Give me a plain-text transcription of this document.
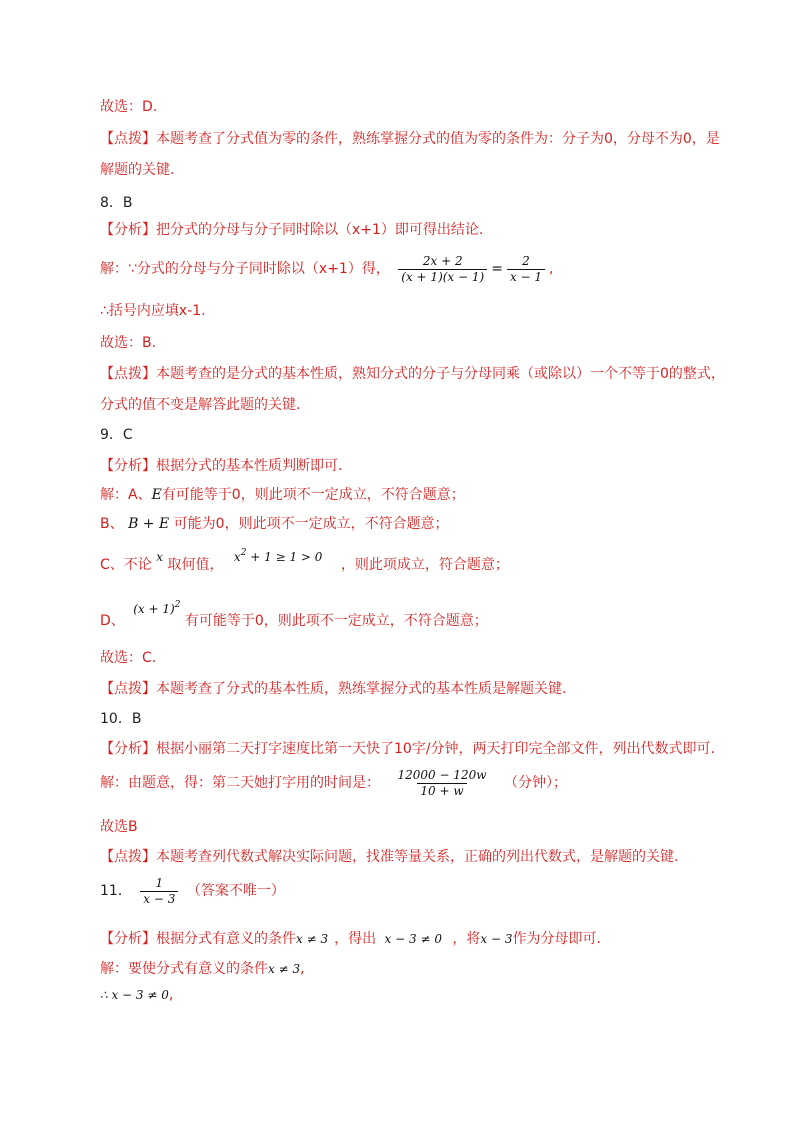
故选：D.
【点拨】本题考查了分式值为零的条件，熟练掌握分式的值为零的条件为：分子为0，分母不为0，是
解题的关键.
8．B
【分析】把分式的分母与分子同时除以（x+1）即可得出结论.
解：∵分式的分母与分子同时除以（x+1）得， $\frac{2x + 2}{(x + 1)(x - 1)} = \frac{2}{x - 1}$ ,
∴括号内应填x-1.
故选：B.
【点拨】本题考查的是分式的基本性质，熟知分式的分子与分母同乘（或除以）一个不等于0的整式，
分式的值不变是解答此题的关键.
9．C
【分析】根据分式的基本性质判断即可.
解：A、E有可能等于0，则此项不一定成立，不符合题意；
B、 B + E 可能为0，则此项不一定成立，不符合题意；
C、不论 x 取何值， $x^2 + 1 \ge 1 > 0$ ，则此项成立，符合题意；
D、 $(x + 1)^2$ 有可能等于0，则此项不一定成立，不符合题意；
故选：C.
【点拨】本题考查了分式的基本性质，熟练掌握分式的基本性质是解题关键.
10．B
【分析】根据小丽第二天打字速度比第一天快了10字/分钟，两天打印完全部文件，列出代数式即可.
解：由题意，得：第二天她打字用的时间是： $\frac{12000 - 120w}{10 + w}$ （分钟）；
故选B
【点拨】本题考查列代数式解决实际问题，找准等量关系，正确的列出代数式，是解题的关键.
11． $\frac{1}{x - 3}$ （答案不唯一）
【分析】根据分式有意义的条件x ≠ 3 ，得出 x − 3 ≠ 0 ，将x − 3作为分母即可.
解：要使分式有意义的条件x ≠ 3,
∴ x − 3 ≠ 0,
